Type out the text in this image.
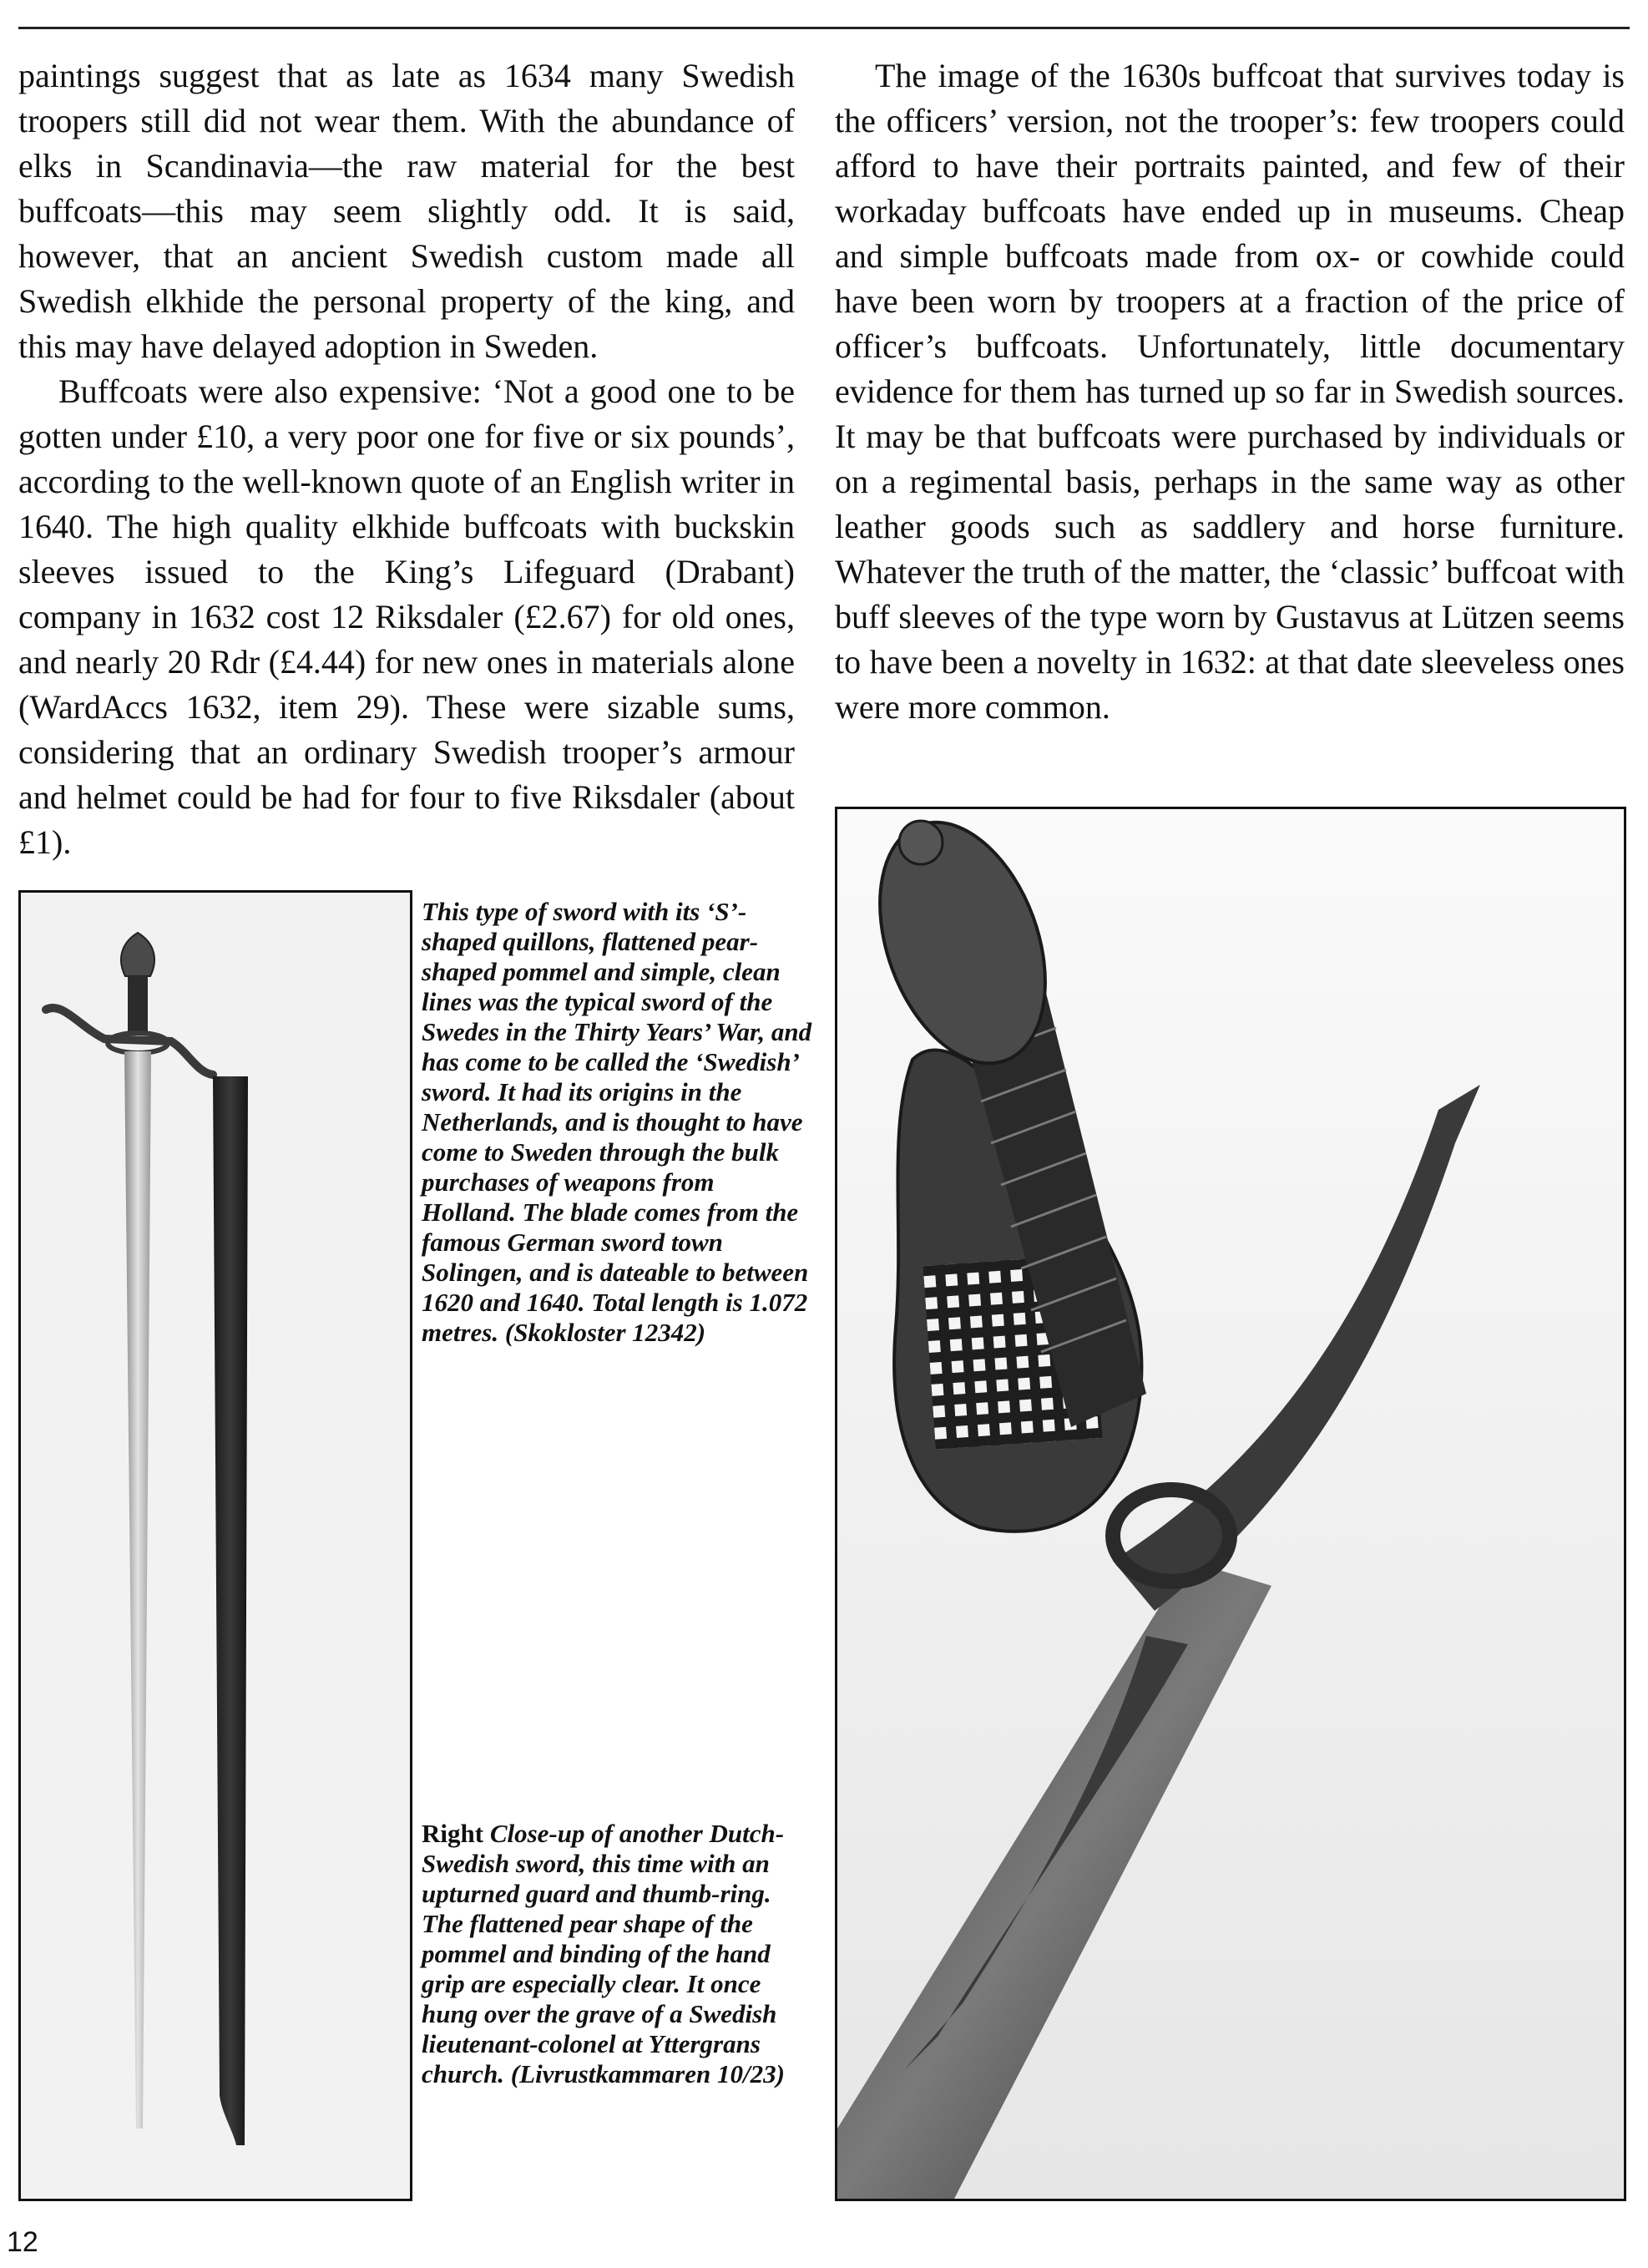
paintings suggest that as late as 1634 many Swedish troopers still did not wear them. With the abundance of elks in Scandinavia—the raw material for the best buffcoats—this may seem slightly odd. It is said, however, that an ancient Swedish custom made all Swedish elkhide the personal property of the king, and this may have delayed adoption in Sweden.

Buffcoats were also expensive: ‘Not a good one to be gotten under £10, a very poor one for five or six pounds’, according to the well-known quote of an English writer in 1640. The high quality elkhide buffcoats with buckskin sleeves issued to the King’s Lifeguard (Drabant) company in 1632 cost 12 Riksdaler (£2.67) for old ones, and nearly 20 Rdr (£4.44) for new ones in materials alone (WardAccs 1632, item 29). These were sizable sums, considering that an ordinary Swedish trooper’s armour and helmet could be had for four to five Riksdaler (about £1).

The image of the 1630s buffcoat that survives today is the officers’ version, not the trooper’s: few troopers could afford to have their portraits painted, and few of their workaday buffcoats have ended up in museums. Cheap and simple buffcoats made from ox- or cowhide could have been worn by troopers at a fraction of the price of officer’s buffcoats. Unfortunately, little documentary evidence for them has turned up so far in Swedish sources. It may be that buffcoats were purchased by individuals or on a regimental basis, perhaps in the same way as other leather goods such as saddlery and horse furniture. Whatever the truth of the matter, the ‘classic’ buffcoat with buff sleeves of the type worn by Gustavus at Lützen seems to have been a novelty in 1632: at that date sleeveless ones were more common.

This type of sword with its ‘S’-shaped quillons, flattened pear-shaped pommel and simple, clean lines was the typical sword of the Swedes in the Thirty Years’ War, and has come to be called the ‘Swedish’ sword. It had its origins in the Netherlands, and is thought to have come to Sweden through the bulk purchases of weapons from Holland. The blade comes from the famous German sword town Solingen, and is dateable to between 1620 and 1640. Total length is 1.072 metres. (Skokloster 12342)
Right Close-up of another Dutch-Swedish sword, this time with an upturned guard and thumb-ring. The flattened pear shape of the pommel and binding of the hand grip are especially clear. It once hung over the grave of a Swedish lieutenant-colonel at Yttergrans church. (Livrustkammaren 10/23)
12
